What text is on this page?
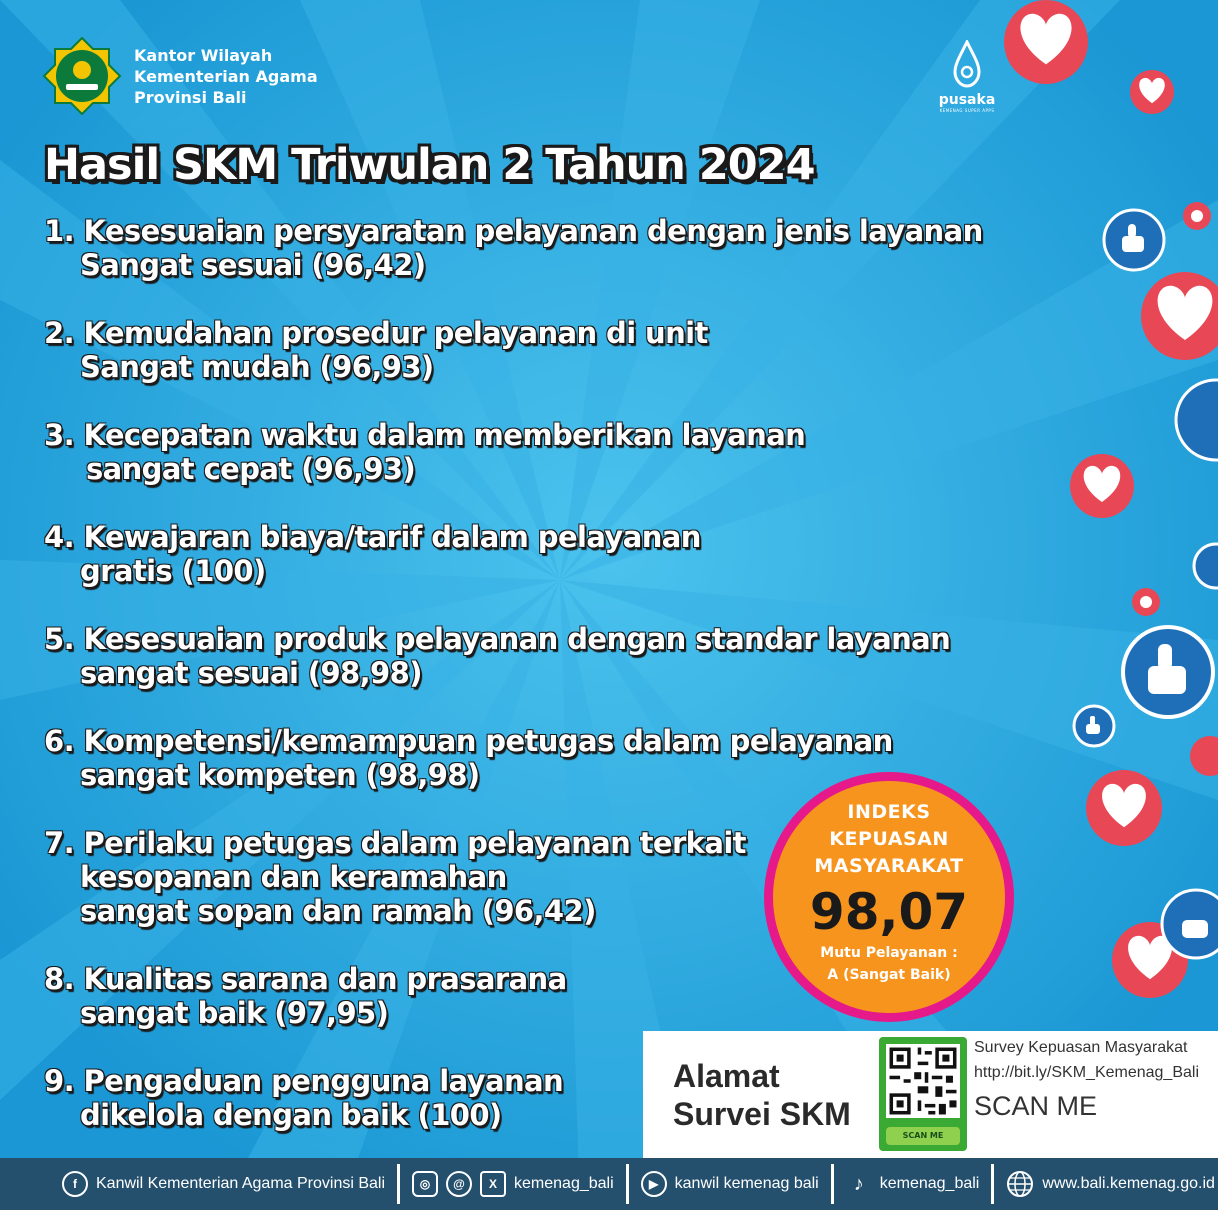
Kantor Wilayah
Kementerian Agama
Provinsi Bali	pusaka
KEMENAG SUPER APPS
Hasil SKM Triwulan 2 Tahun 2024
1. Kesesuaian persyaratan pelayanan dengan jenis layanan
Sangat sesuai (96,42)
2. Kemudahan prosedur pelayanan di unit
Sangat mudah (96,93)
3. Kecepatan waktu dalam memberikan layanan
sangat cepat (96,93)
4. Kewajaran biaya/tarif dalam pelayanan
gratis (100)
5. Kesesuaian produk pelayanan dengan standar layanan
sangat sesuai (98,98)
6. Kompetensi/kemampuan petugas dalam pelayanan
sangat kompeten (98,98)
7. Perilaku petugas dalam pelayanan terkait
kesopanan dan keramahan
sangat sopan dan ramah (96,42)
8. Kualitas sarana dan prasarana
sangat baik (97,95)
9. Pengaduan pengguna layanan
dikelola dengan baik (100)
INDEKS
KEPUASAN
MASYARAKAT
98,07
Mutu Pelayanan :
A (Sangat Baik)
Alamat
Survei SKM
SCAN ME
Survey Kepuasan Masyarakat
http://bit.ly/SKM_Kemenag_Bali
SCAN ME
f	Kanwil Kementerian Agama Provinsi Bali	◎	@	X	kemenag_bali	▶	kanwil kemenag bali	♪	kemenag_bali	www.bali.kemenag.go.id
